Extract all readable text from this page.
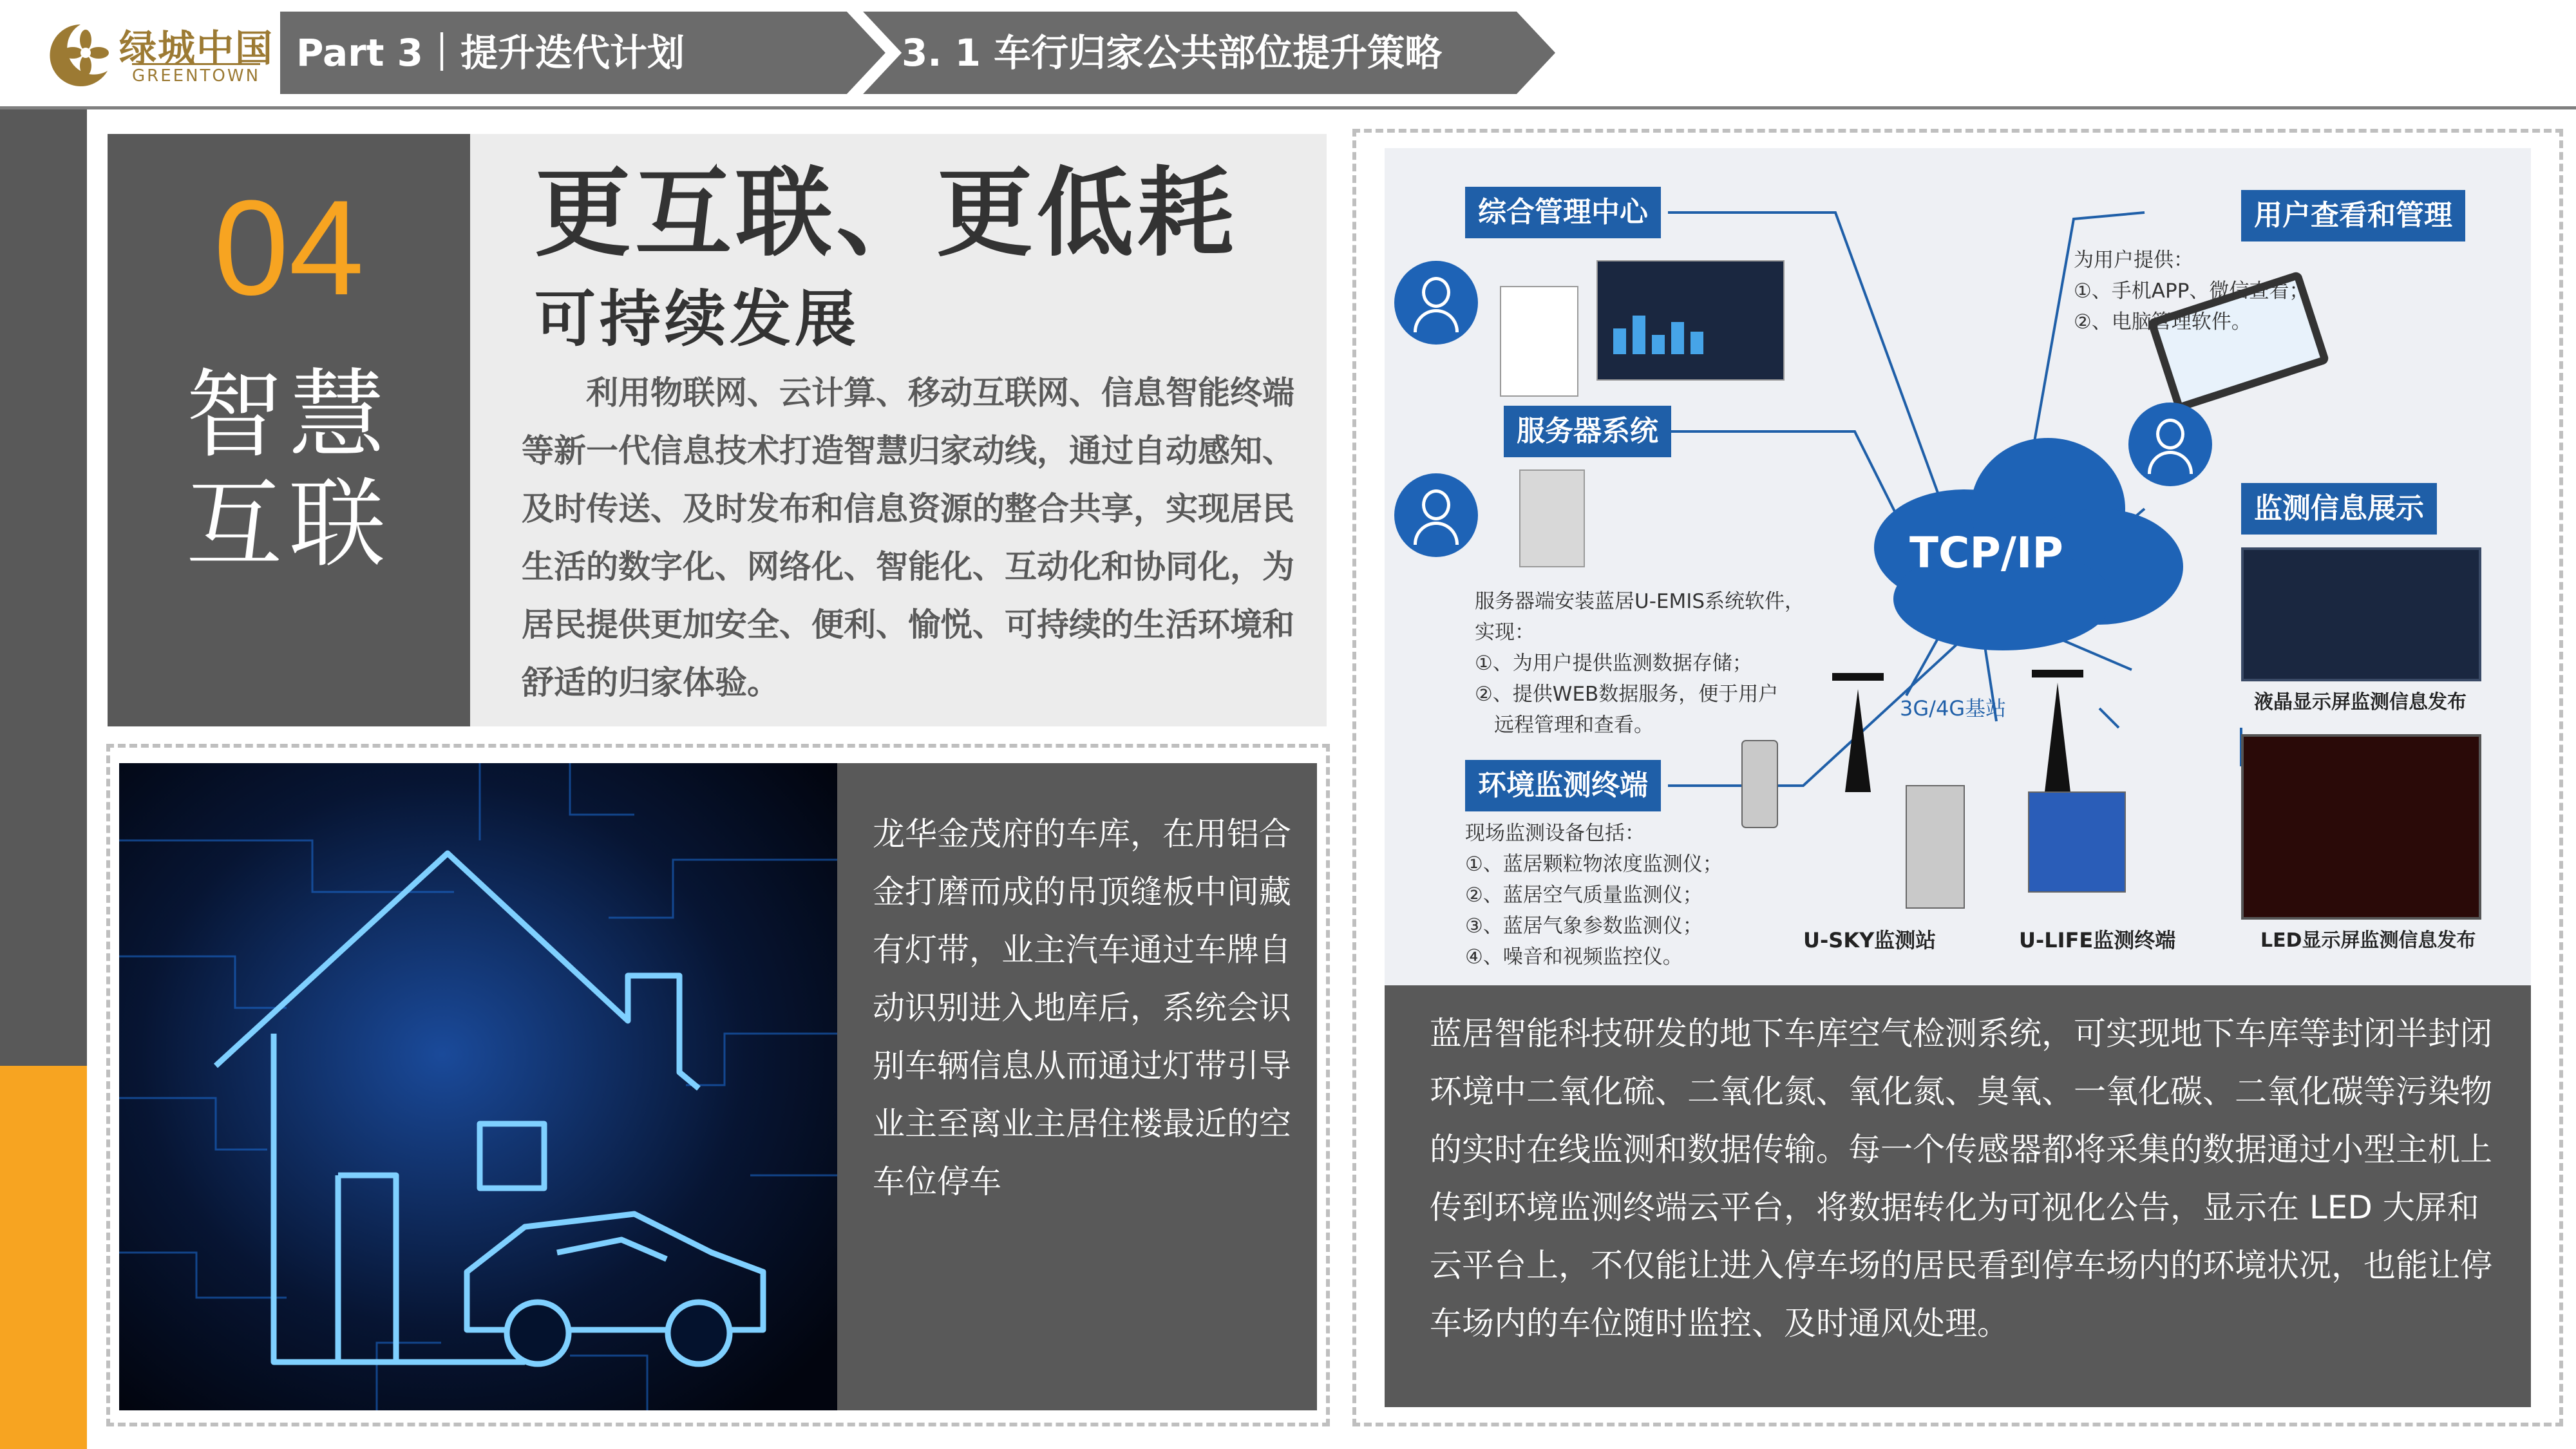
绿城中国
GREENTOWN
Part 3｜提升迭代计划	3. 1 车行归家公共部位提升策略
04
智慧
互联
更互联、更低耗
可持续发展
利用物联网、云计算、移动互联网、信息智能终端等新一代信息技术打造智慧归家动线，通过自动感知、及时传送、及时发布和信息资源的整合共享，实现居民生活的数字化、网络化、智能化、互动化和协同化，为居民提供更加安全、便利、愉悦、可持续的生活环境和舒适的归家体验。
龙华金茂府的车库，在用铝合金打磨而成的吊顶缝板中间藏有灯带，业主汽车通过车牌自动识别进入地库后，系统会识别车辆信息从而通过灯带引导业主至离业主居住楼最近的空车位停车
综合管理中心	用户查看和管理
服务器系统
监测信息展示
环境监测终端
TCP/IP
3G/4G基站
为用户提供：
①、手机APP、微信查看；
②、电脑管理软件。
服务器端安装蓝居U-EMIS系统软件，
实现：
①、为用户提供监测数据存储；
②、提供WEB数据服务，便于用户
远程管理和查看。
现场监测设备包括：
①、蓝居颗粒物浓度监测仪；
②、蓝居空气质量监测仪；
③、蓝居气象参数监测仪；
④、噪音和视频监控仪。
U-SKY监测站	U-LIFE监测终端
液晶显示屏监测信息发布
LED显示屏监测信息发布
蓝居智能科技研发的地下车库空气检测系统，可实现地下车库等封闭半封闭环境中二氧化硫、二氧化氮、氧化氮、臭氧、一氧化碳、二氧化碳等污染物的实时在线监测和数据传输。每一个传感器都将采集的数据通过小型主机上传到环境监测终端云平台，将数据转化为可视化公告，显示在 LED 大屏和云平台上，不仅能让进入停车场的居民看到停车场内的环境状况，也能让停车场内的车位随时监控、及时通风处理。
